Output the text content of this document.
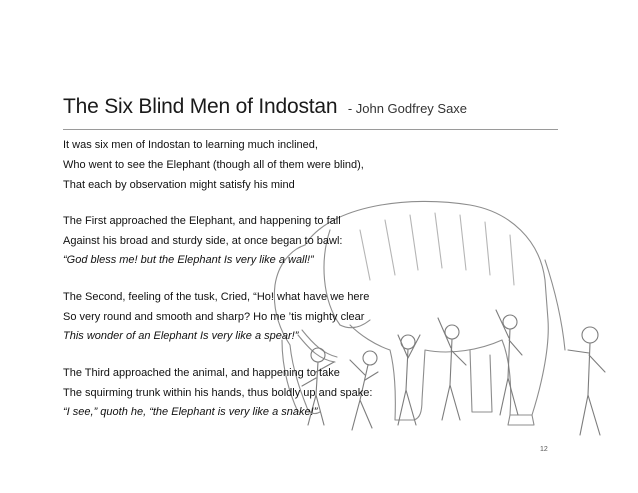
The Six Blind Men of Indostan - John Godfrey Saxe
It was six men of Indostan to learning much inclined,
Who went to see the Elephant (though all of them were blind),
That each by observation might satisfy his mind
The First approached the Elephant, and happening to fall
Against his broad and sturdy side, at once began to bawl:
“God bless me! but the Elephant Is very like a wall!”
The Second, feeling of the tusk, Cried, “Ho! what have we here
So very round and smooth and sharp? Ho me ’tis mighty clear
This wonder of an Elephant Is very like a spear!”
The Third approached the animal, and happening to take
The squirming trunk within his hands, thus boldly up and spake:
“I see,” quoth he, “the Elephant is very like a snake!”
12
